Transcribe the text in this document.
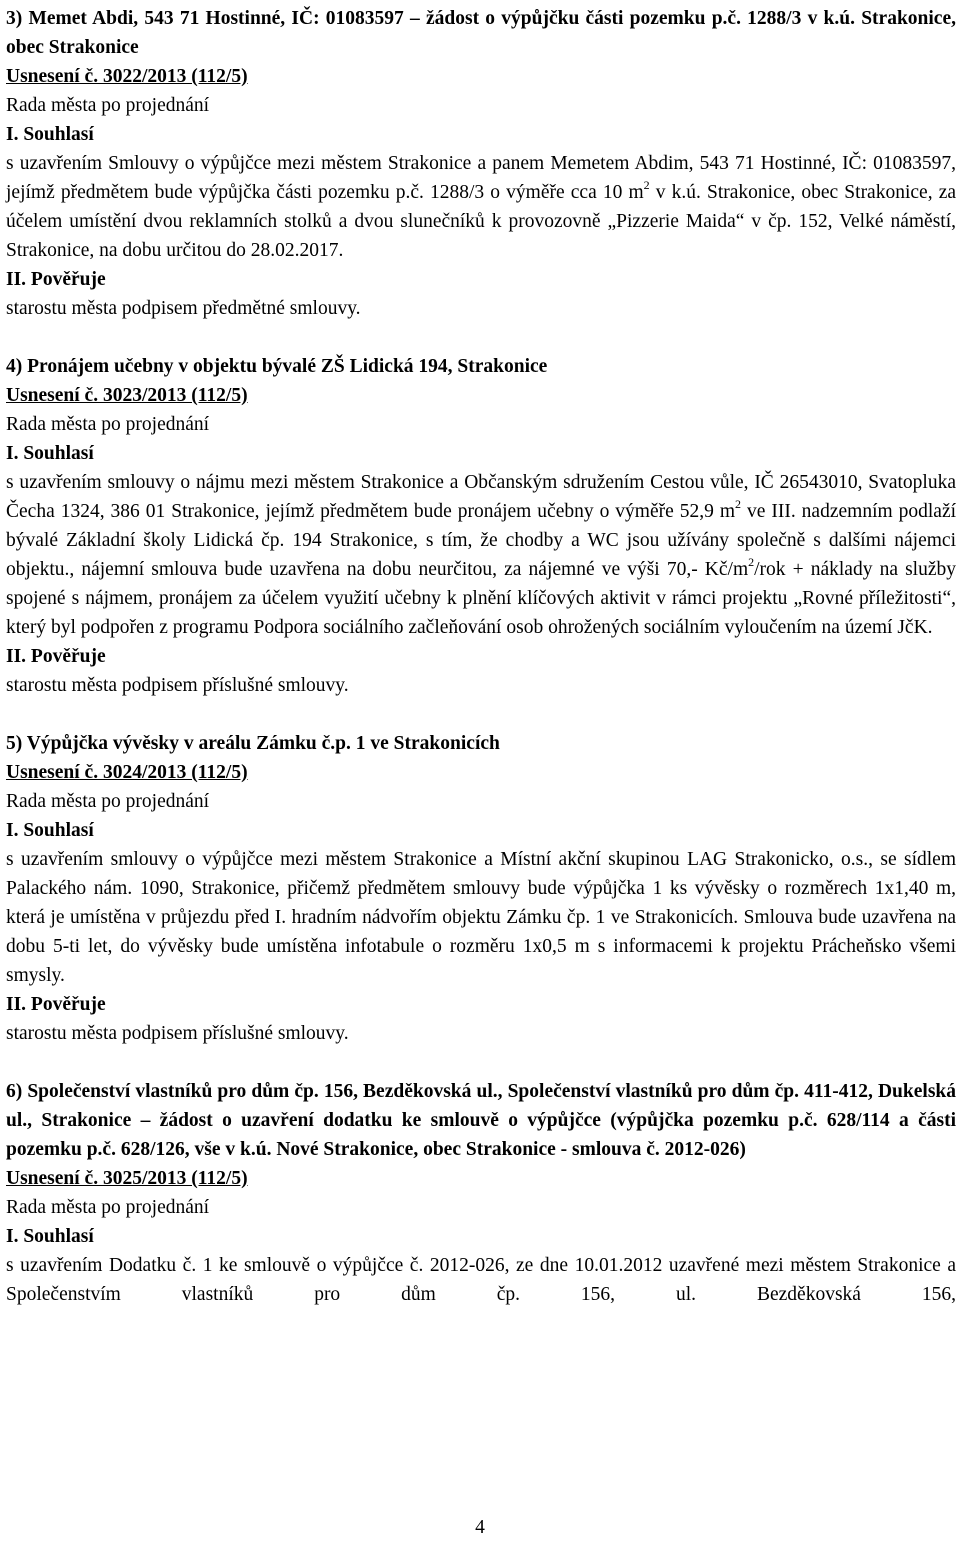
3) Memet Abdi, 543 71 Hostinné, IČ: 01083597 – žádost o výpůjčku části pozemku p.č. 1288/3 v k.ú. Strakonice, obec Strakonice

Usnesení č. 3022/2013 (112/5)

Rada města po projednání

I. Souhlasí

s uzavřením Smlouvy o výpůjčce mezi městem Strakonice a panem Memetem Abdim, 543 71 Hostinné, IČ: 01083597, jejímž předmětem bude výpůjčka části pozemku p.č. 1288/3 o výměře cca 10 $m^2$ v k.ú. Strakonice, obec Strakonice, za účelem umístění dvou reklamních stolků a dvou slunečníků k provozovně „Pizzerie Maida“ v čp. 152, Velké náměstí, Strakonice, na dobu určitou do 28.02.2017.

II. Pověřuje

starostu města podpisem předmětné smlouvy.

4) Pronájem učebny v objektu bývalé ZŠ Lidická 194, Strakonice

Usnesení č. 3023/2013 (112/5)

Rada města po projednání

I. Souhlasí

s uzavřením smlouvy o nájmu mezi městem Strakonice a Občanským sdružením Cestou vůle, IČ 26543010, Svatopluka Čecha 1324, 386 01 Strakonice, jejímž předmětem bude pronájem učebny o výměře 52,9 $m^2$ ve III. nadzemním podlaží bývalé Základní školy Lidická čp. 194 Strakonice, s tím, že chodby a WC jsou užívány společně s dalšími nájemci objektu., nájemní smlouva bude uzavřena na dobu neurčitou, za nájemné ve výši 70,- $Kč/m^2$/rok + náklady na služby spojené s nájmem, pronájem za účelem využití učebny k plnění klíčových aktivit v rámci projektu „Rovné příležitosti“, který byl podpořen z programu Podpora sociálního začleňování osob ohrožených sociálním vyloučením na území JčK.

II. Pověřuje

starostu města podpisem příslušné smlouvy.

5) Výpůjčka vývěsky v areálu Zámku č.p. 1 ve Strakonicích

Usnesení č. 3024/2013 (112/5)

Rada města po projednání

I. Souhlasí

s uzavřením smlouvy o výpůjčce mezi městem Strakonice a Místní akční skupinou LAG Strakonicko, o.s., se sídlem Palackého nám. 1090, Strakonice, přičemž předmětem smlouvy bude výpůjčka 1 ks vývěsky o rozměrech 1x1,40 m, která je umístěna v průjezdu před I. hradním nádvořím objektu Zámku čp. 1 ve Strakonicích. Smlouva bude uzavřena na dobu 5-ti let, do vývěsky bude umístěna infotabule o rozměru 1x0,5 m s informacemi k projektu Prácheňsko všemi smysly.

II. Pověřuje

starostu města podpisem příslušné smlouvy.

6) Společenství vlastníků pro dům čp. 156, Bezděkovská ul., Společenství vlastníků pro dům čp. 411-412, Dukelská ul., Strakonice – žádost o uzavření dodatku ke smlouvě o výpůjčce (výpůjčka pozemku p.č. 628/114 a části pozemku p.č. 628/126, vše v k.ú. Nové Strakonice, obec Strakonice - smlouva č. 2012-026)

Usnesení č. 3025/2013 (112/5)

Rada města po projednání

I. Souhlasí

s uzavřením Dodatku č. 1 ke smlouvě o výpůjčce č. 2012-026, ze dne 10.01.2012 uzavřené mezi městem Strakonice a Společenstvím vlastníků pro dům čp. 156, ul. Bezděkovská 156,

4
